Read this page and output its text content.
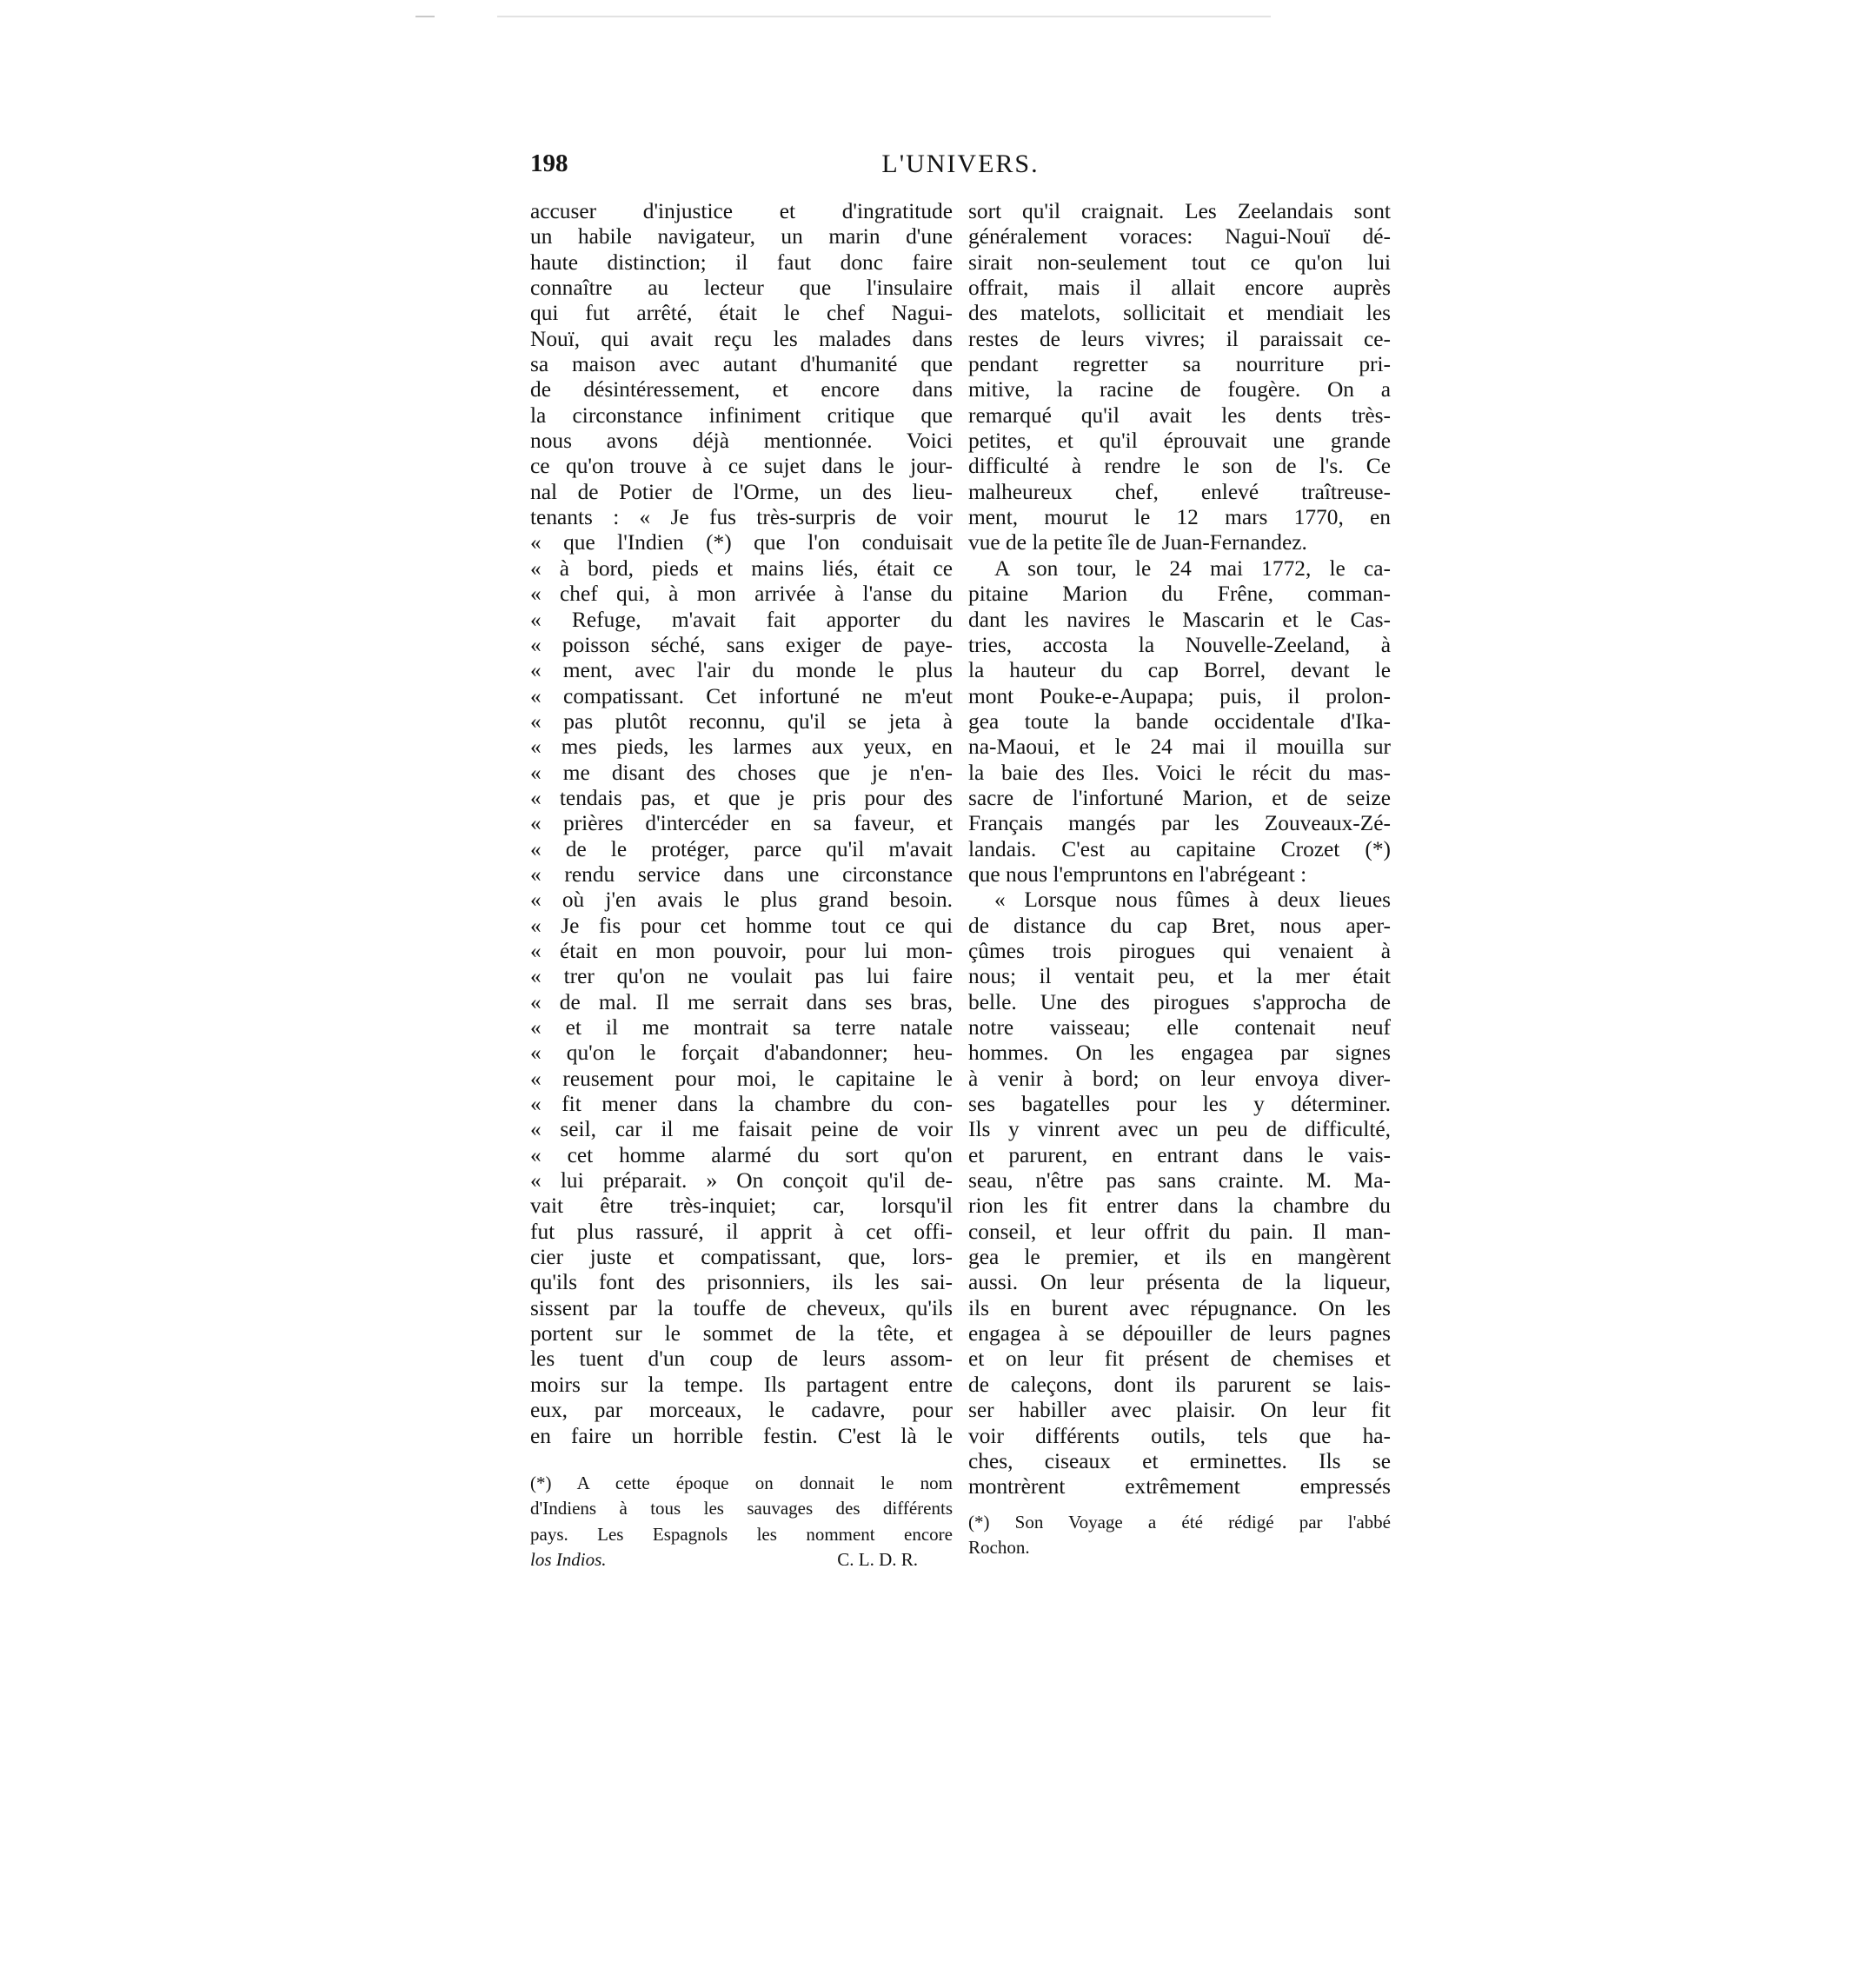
198	L'UNIVERS.
accuser d'injustice et d'ingratitude
un habile navigateur, un marin d'une
haute distinction; il faut donc faire
connaître au lecteur que l'insulaire
qui fut arrêté, était le chef Nagui-
Nouï, qui avait reçu les malades dans
sa maison avec autant d'humanité que
de désintéressement, et encore dans
la circonstance infiniment critique que
nous avons déjà mentionnée. Voici
ce qu'on trouve à ce sujet dans le jour-
nal de Potier de l'Orme, un des lieu-
tenants : « Je fus très-surpris de voir
« que l'Indien (*) que l'on conduisait
« à bord, pieds et mains liés, était ce
« chef qui, à mon arrivée à l'anse du
« Refuge, m'avait fait apporter du
« poisson séché, sans exiger de paye-
« ment, avec l'air du monde le plus
« compatissant. Cet infortuné ne m'eut
« pas plutôt reconnu, qu'il se jeta à
« mes pieds, les larmes aux yeux, en
« me disant des choses que je n'en-
« tendais pas, et que je pris pour des
« prières d'intercéder en sa faveur, et
« de le protéger, parce qu'il m'avait
« rendu service dans une circonstance
« où j'en avais le plus grand besoin.
« Je fis pour cet homme tout ce qui
« était en mon pouvoir, pour lui mon-
« trer qu'on ne voulait pas lui faire
« de mal. Il me serrait dans ses bras,
« et il me montrait sa terre natale
« qu'on le forçait d'abandonner; heu-
« reusement pour moi, le capitaine le
« fit mener dans la chambre du con-
« seil, car il me faisait peine de voir
« cet homme alarmé du sort qu'on
« lui préparait. » On conçoit qu'il de-
vait être très-inquiet; car, lorsqu'il
fut plus rassuré, il apprit à cet offi-
cier juste et compatissant, que, lors-
qu'ils font des prisonniers, ils les sai-
sissent par la touffe de cheveux, qu'ils
portent sur le sommet de la tête, et
les tuent d'un coup de leurs assom-
moirs sur la tempe. Ils partagent entre
eux, par morceaux, le cadavre, pour
en faire un horrible festin. C'est là le
sort qu'il craignait. Les Zeelandais sont
généralement voraces: Nagui-Nouï dé-
sirait non-seulement tout ce qu'on lui
offrait, mais il allait encore auprès
des matelots, sollicitait et mendiait les
restes de leurs vivres; il paraissait ce-
pendant regretter sa nourriture pri-
mitive, la racine de fougère. On a
remarqué qu'il avait les dents très-
petites, et qu'il éprouvait une grande
difficulté à rendre le son de l's. Ce
malheureux chef, enlevé traîtreuse-
ment, mourut le 12 mars 1770, en
vue de la petite île de Juan-Fernandez.
A son tour, le 24 mai 1772, le ca-
pitaine Marion du Frêne, comman-
dant les navires le Mascarin et le Cas-
tries, accosta la Nouvelle-Zeeland, à
la hauteur du cap Borrel, devant le
mont Pouke-e-Aupapa; puis, il prolon-
gea toute la bande occidentale d'Ika-
na-Maoui, et le 24 mai il mouilla sur
la baie des Iles. Voici le récit du mas-
sacre de l'infortuné Marion, et de seize
Français mangés par les Zouveaux-Zé-
landais. C'est au capitaine Crozet (*)
que nous l'empruntons en l'abrégeant :
« Lorsque nous fûmes à deux lieues
de distance du cap Bret, nous aper-
çûmes trois pirogues qui venaient à
nous; il ventait peu, et la mer était
belle. Une des pirogues s'approcha de
notre vaisseau; elle contenait neuf
hommes. On les engagea par signes
à venir à bord; on leur envoya diver-
ses bagatelles pour les y déterminer.
Ils y vinrent avec un peu de difficulté,
et parurent, en entrant dans le vais-
seau, n'être pas sans crainte. M. Ma-
rion les fit entrer dans la chambre du
conseil, et leur offrit du pain. Il man-
gea le premier, et ils en mangèrent
aussi. On leur présenta de la liqueur,
ils en burent avec répugnance. On les
engagea à se dépouiller de leurs pagnes
et on leur fit présent de chemises et
de caleçons, dont ils parurent se lais-
ser habiller avec plaisir. On leur fit
voir différents outils, tels que ha-
ches, ciseaux et erminettes. Ils se
montrèrent extrêmement empressés
(*) A cette époque on donnait le nom
d'Indiens à tous les sauvages des différents
pays. Les Espagnols les nomment encore
los Indios.	C. L. D. R.
(*) Son Voyage a été rédigé par l'abbé
Rochon.
